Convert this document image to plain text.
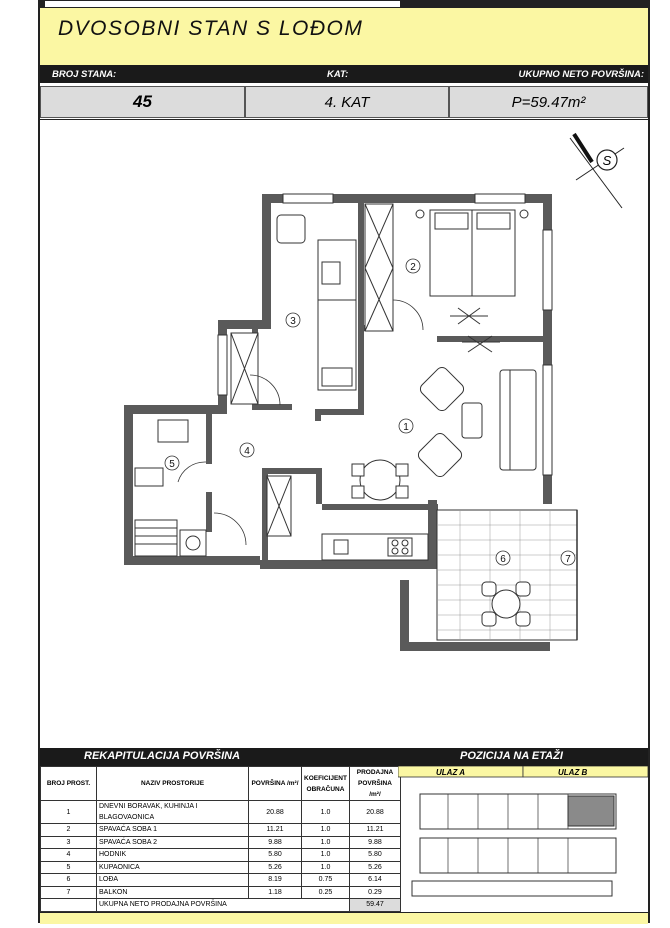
DVOSOBNI STAN S LOĐOM
BROJ STANA:	KAT:	UKUPNO NETO POVRŠINA:
45	4. KAT	P=59.47m²
S
2
3
1
4
5
6	7
REKAPITULACIJA POVRŠINA	POZICIJA NA ETAŽI
BROJ PROST.	NAZIV PROSTORIJE	POVRŠINA /m²/	KOEFICIJENT OBRAČUNA	PRODAJNA POVRŠINA /m²/
1	DNEVNI BORAVAK, KUHINJA I BLAGOVAONICA	20.88	1.0	20.88
2	SPAVAĆA SOBA 1	11.21	1.0	11.21
3	SPAVAĆA SOBA 2	9.88	1.0	9.88
4	HODNIK	5.80	1.0	5.80
5	KUPAONICA	5.26	1.0	5.26
6	LOĐA	8.19	0.75	6.14
7	BALKON	1.18	0.25	0.29
	UKUPNA NETO PRODAJNA POVRŠINA			59.47
ULAZ A	ULAZ B
